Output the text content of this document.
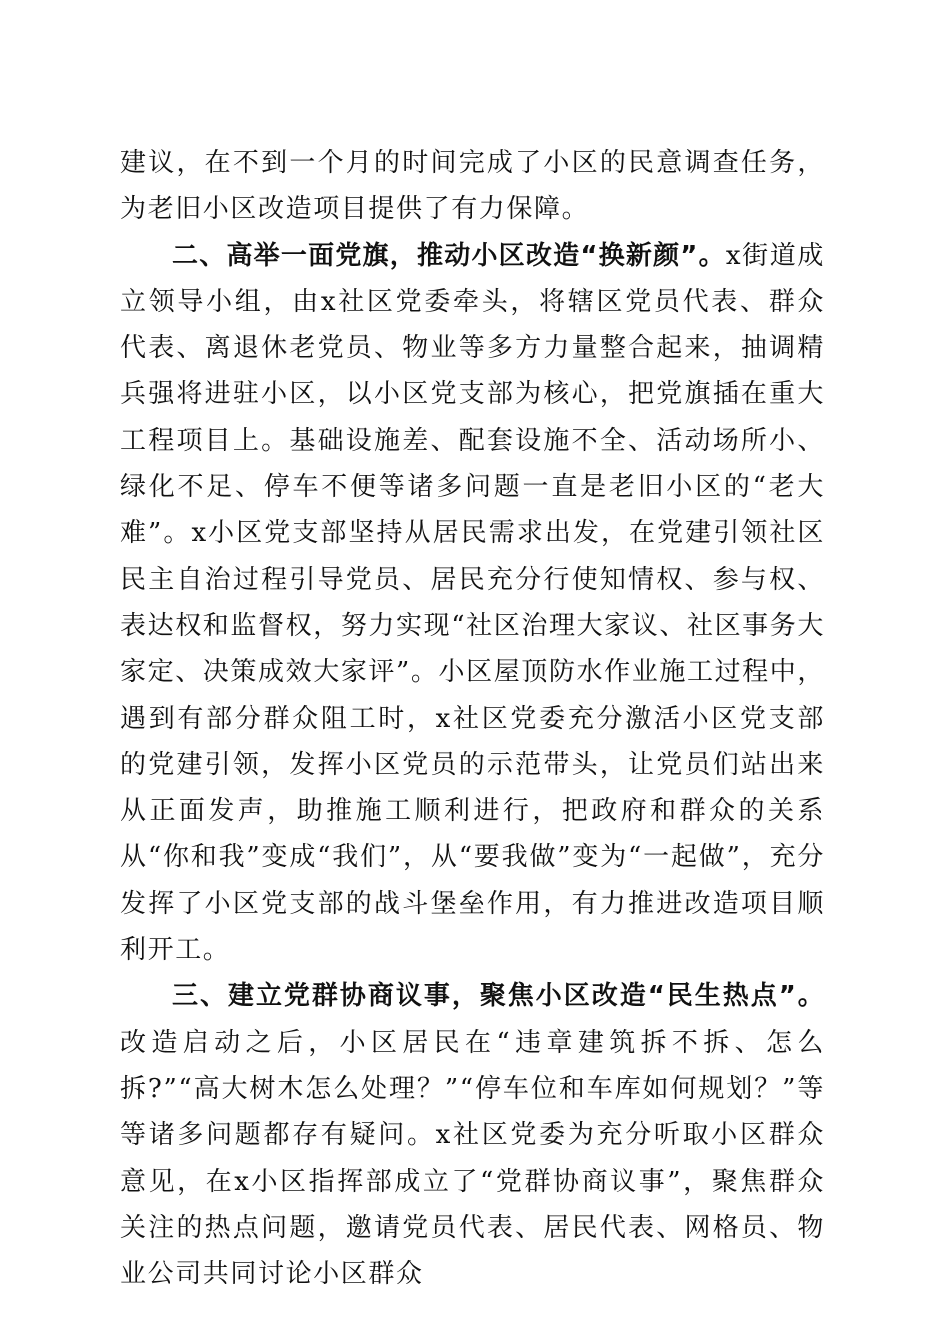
建议，在不到一个月的时间完成了小区的民意调查任务，为老旧小区改造项目提供了有力保障。

二、高举一面党旗，推动小区改造“换新颜”。x街道成立领导小组，由x社区党委牵头，将辖区党员代表、群众代表、离退休老党员、物业等多方力量整合起来，抽调精兵强将进驻小区，以小区党支部为核心，把党旗插在重大工程项目上。基础设施差、配套设施不全、活动场所小、绿化不足、停车不便等诸多问题一直是老旧小区的“老大难”。x小区党支部坚持从居民需求出发，在党建引领社区民主自治过程引导党员、居民充分行使知情权、参与权、表达权和监督权，努力实现“社区治理大家议、社区事务大家定、决策成效大家评”。小区屋顶防水作业施工过程中，遇到有部分群众阻工时，x社区党委充分激活小区党支部的党建引领，发挥小区党员的示范带头，让党员们站出来从正面发声，助推施工顺利进行，把政府和群众的关系从“你和我”变成“我们”，从“要我做”变为“一起做”，充分发挥了小区党支部的战斗堡垒作用，有力推进改造项目顺利开工。

三、建立党群协商议事，聚焦小区改造“民生热点”。改造启动之后，小区居民在“违章建筑拆不拆、怎么拆?”“高大树木怎么处理？”“停车位和车库如何规划？”等等诸多问题都存有疑问。x社区党委为充分听取小区群众意见，在x小区指挥部成立了“党群协商议事”，聚焦群众关注的热点问题，邀请党员代表、居民代表、网格员、物业公司共同讨论小区群众
